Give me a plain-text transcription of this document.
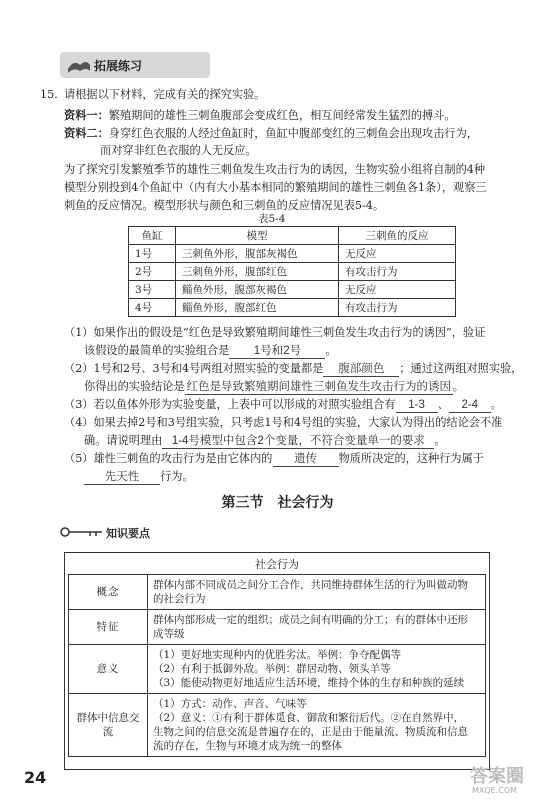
拓展练习
15. 请根据以下材料，完成有关的探究实验。
资料一：繁殖期间的雄性三刺鱼腹部会变成红色，相互间经常发生猛烈的搏斗。
资料二：身穿红色衣服的人经过鱼缸时，鱼缸中腹部变红的三刺鱼会出现攻击行为，
而对穿非红色衣服的人无反应。
为了探究引发繁殖季节的雄性三刺鱼发生攻击行为的诱因，生物实验小组将自制的4种
模型分别投到4个鱼缸中（内有大小基本相同的繁殖期间的雄性三刺鱼各1条），观察三
刺鱼的反应情况。模型形状与颜色和三刺鱼的反应情况见表5-4。
表5-4
鱼缸	模型	三刺鱼的反应
1号	三刺鱼外形，腹部灰褐色	无反应
2号	三刺鱼外形，腹部红色	有攻击行为
3号	鲻鱼外形，腹部灰褐色	无反应
4号	鲻鱼外形，腹部红色	有攻击行为
（1）如果作出的假设是“红色是导致繁殖期间雄性三刺鱼发生攻击行为的诱因”，验证
该假设的最简单的实验组合是 1号和2号 。
（2）1号和2号、3号和4号两组对照实验的变量都是 腹部颜色 ；通过这两组对照实验，
你得出的实验结论是 红色是导致繁殖期间雄性三刺鱼发生攻击行为的诱因 。
（3）若以鱼体外形为实验变量，上表中可以形成的对照实验组合有 1-3 、 2-4 。
（4）如果去掉2号和3号组实验，只考虑1号和4号组的实验，大家认为得出的结论会不准
确。请说明理由 1-4号模型中包含2个变量，不符合变量单一的要求 。
（5）雄性三刺鱼的攻击行为是由它体内的 遗传 物质所决定的，这种行为属于
先天性 行为。
第三节　社会行为
知识要点
社会行为
概念	群体内部不同成员之间分工合作，共同维持群体生活的行为叫做动物
的社会行为

特征	群体内部形成一定的组织；成员之间有明确的分工；有的群体中还形
成等级

意义	（1）更好地实现种内的优胜劣汰。举例：争夺配偶等
（2）有利于抵御外敌。举例：群居动物、领头羊等
（3）能使动物更好地适应生活环境，维持个体的生存和种族的延续

群体中信息交流	（1）方式：动作、声音、气味等
（2）意义：①有利于群体觅食、御敌和繁衍后代。②在自然界中，
生物之间的信息交流是普遍存在的，正是由于能量流、物质流和信息
流的存在，生物与环境才成为统一的整体
24	答案圈
MXQE.COM
